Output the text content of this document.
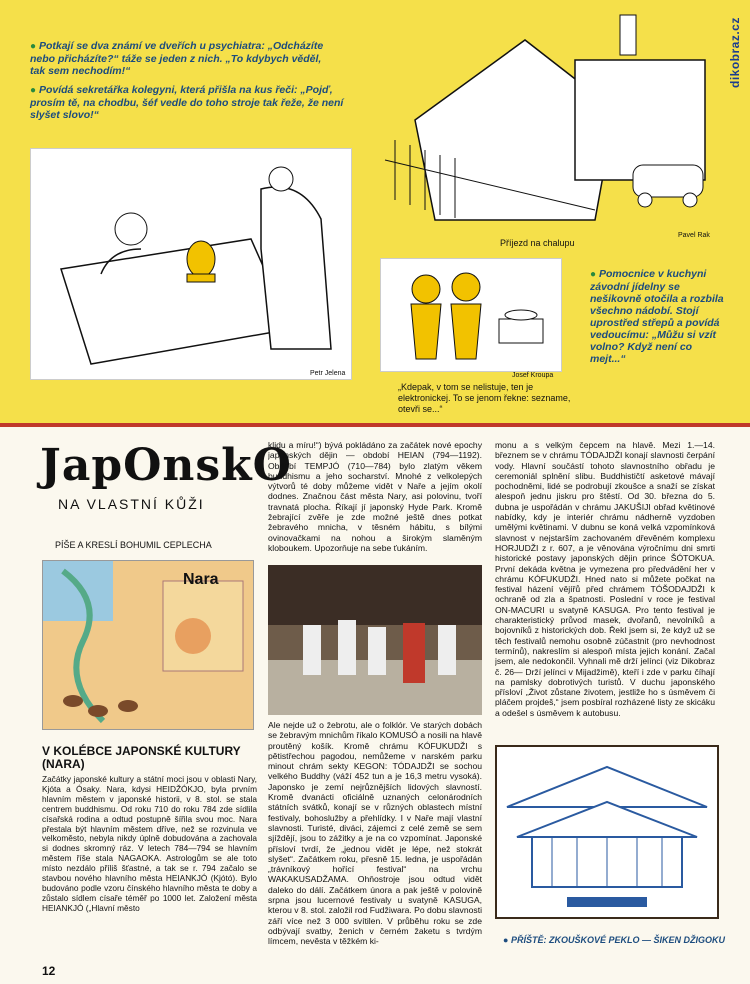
dikobraz.cz
● Potkají se dva známí ve dveřích u psychiatra: „Odcházíte nebo přicházíte?“ táže se jeden z nich. „To kdybych věděl, tak sem nechodím!“
● Povídá sekretářka kolegyni, která přišla na kus řeči: „Pojď, prosím tě, na chodbu, šéf vedle do toho stroje tak řeže, že není slyšet slovo!“
Petr Jelena
Příjezd na chalupu
Pavel Rak
Josef Kroupa
„Kdepak, v tom se nelistuje, ten je elektronickej. To se jenom řekne: sezname, otevři se...“
● Pomocnice v kuchyni závodní jídelny se nešikovně otočila a rozbila všechno nádobí. Stojí uprostřed střepů a povídá vedoucímu: „Můžu si vzít volno? Když není co mejt...“
JapOnskO
NA VLASTNÍ KŮŽI
PÍŠE A KRESLÍ BOHUMIL CEPLECHA
Nara
V KOLÉBCE JAPONSKÉ KULTURY (NARA)
Začátky japonské kultury a státní moci jsou v oblasti Nary, Kjóta a Ósaky. Nara, kdysi HEIDŽÓKJO, byla prvním hlavním městem v japonské historii, v 8. stol. se stala centrem buddhismu. Od roku 710 do roku 784 zde sídlila císařská rodina a odtud postupně šířila svou moc. Nara přestala být hlavním městem dříve, než se rozvinula ve velkoměsto, nebyla nikdy úplně dobudována a zachovala si dodnes skromný ráz. V letech 784—794 se hlavním městem říše stala NAGAOKA. Astrologům se ale toto místo nezdálo příliš šťastné, a tak se r. 794 začalo se stavbou nového hlavního města HEIANKJÓ (Kjótó). Bylo budováno podle vzoru čínského hlavního města te doby a zůstalo sídlem císaře téměř po 1000 let. Založení města HEIANKJÓ („Hlavní město
klidu a míru!“) bývá pokládáno za začátek nové epochy japonských dějin — období HEIAN (794—1192). Období TEMPJÓ (710—784) bylo zlatým věkem buddhismu a jeho socharství. Mnohé z velkolepých výtvorů té doby můžeme vidět v Naře a jejím okolí dodnes. Značnou část města Nary, asi polovinu, tvoří travnatá plocha. Říkají jí japonský Hyde Park. Kromě žebrající zvěře je zde možné ještě dnes potkat žebravého mnicha, v těsném hábitu, s bílými ovinovačkami na nohou a širokým slaměným kloboukem. Upozorňuje na sebe ťukáním.
Ale nejde už o žebrotu, ale o folklór. Ve starých dobách se žebravým mnichům říkalo KOMUSÓ a nosili na hlavě proutěný košík. Kromě chrámu KÓFUKUDŽI s pětistřechou pagodou, nemůžeme v narském parku minout chrám sekty KEGON: TÓDAJDŽI se sochou velkého Buddhy (váží 452 tun a je 16,3 metru vysoká). Japonsko je zemí nejrůznějších lidových slavností. Kromě dvanácti oficiálně uznaných celonárodních státních svátků, konají se v různých oblastech místní festivaly, bohoslužby a přehlídky. I v Naře mají vlastní slavnosti. Turisté, diváci, zájemci z celé země se sem sjíždějí, jsou to zážitky a je na co vzpomínat. Japonské přísloví tvrdí, že „jednou vidět je lépe, než stokrát slyšet“. Začátkem roku, přesně 15. ledna, je uspořádán „trávníkový hořící festival“ na vrchu WAKAKUSADŽAMA. Ohňostroje jsou odtud vidět daleko do dálí. Začátkem února a pak ještě v polovině srpna jsou lucernové festivaly u svatyně KASUGA, kterou v 8. stol. založil rod Fudžiwara. Po dobu slavnosti září více než 3 000 svítilen. V průběhu roku se zde odbývají svatby, ženich v černém žaketu s tvrdým límcem, nevěsta v těžkém ki-
monu a s velkým čepcem na hlavě. Mezi 1.—14. březnem se v chrámu TÓDAJDŽI konají slavnosti čerpání vody. Hlavní součástí tohoto slavnostního obřadu je ceremoniál splnění slibu. Buddhističtí asketové mávají pochodněmi, lidé se podrobují zkoušce a snaží se získat alespoň jednu jiskru pro štěstí. Od 30. března do 5. dubna je uspořádán v chrámu JAKUŠIJI obřad květinové nabídky, kdy je interiér chrámu nádherně vyzdoben umělými květinami. V dubnu se koná velká vzpomínková slavnost v nejstarším zachovaném dřevěném komplexu HORJUDŽI z r. 607, a je věnována výročnímu dni smrti historické postavy japonských dějin prince ŠÓTOKUA. První dekáda května je vymezena pro předvádění her v chrámu KÓFUKUDŽI. Hned nato si můžete počkat na festival házení vějířů před chrámem TÓŠODAJDŽI k ochraně od zla a špatnosti. Poslední v roce je festival ON-MACURI u svatyně KASUGA. Pro tento festival je charakteristický průvod masek, dvořanů, nevolníků a bojovníků z historických dob. Řekl jsem si, že když už se těch festivalů nemohu osobně zúčastnit (pro nevhodnost termínů), nakreslím si alespoň místa jejich konání. Začal jsem, ale nedokončil. Vyhnali mě drží jelínci (viz Dikobraz č. 26— Drží jelínci v Mijadžimě), kteří i zde v parku číhají na pamlsky dobrotivých turistů. V duchu japonského přísloví „Život zůstane životem, jestliže ho s úsměvem či pláčem projdeš,“ jsem posbíral rozházené listy ze skicáku a odešel s úsměvem k autobusu.
● PŘÍŠTĚ: ZKOUŠKOVÉ PEKLO — ŠIKEN DŽIGOKU
12
